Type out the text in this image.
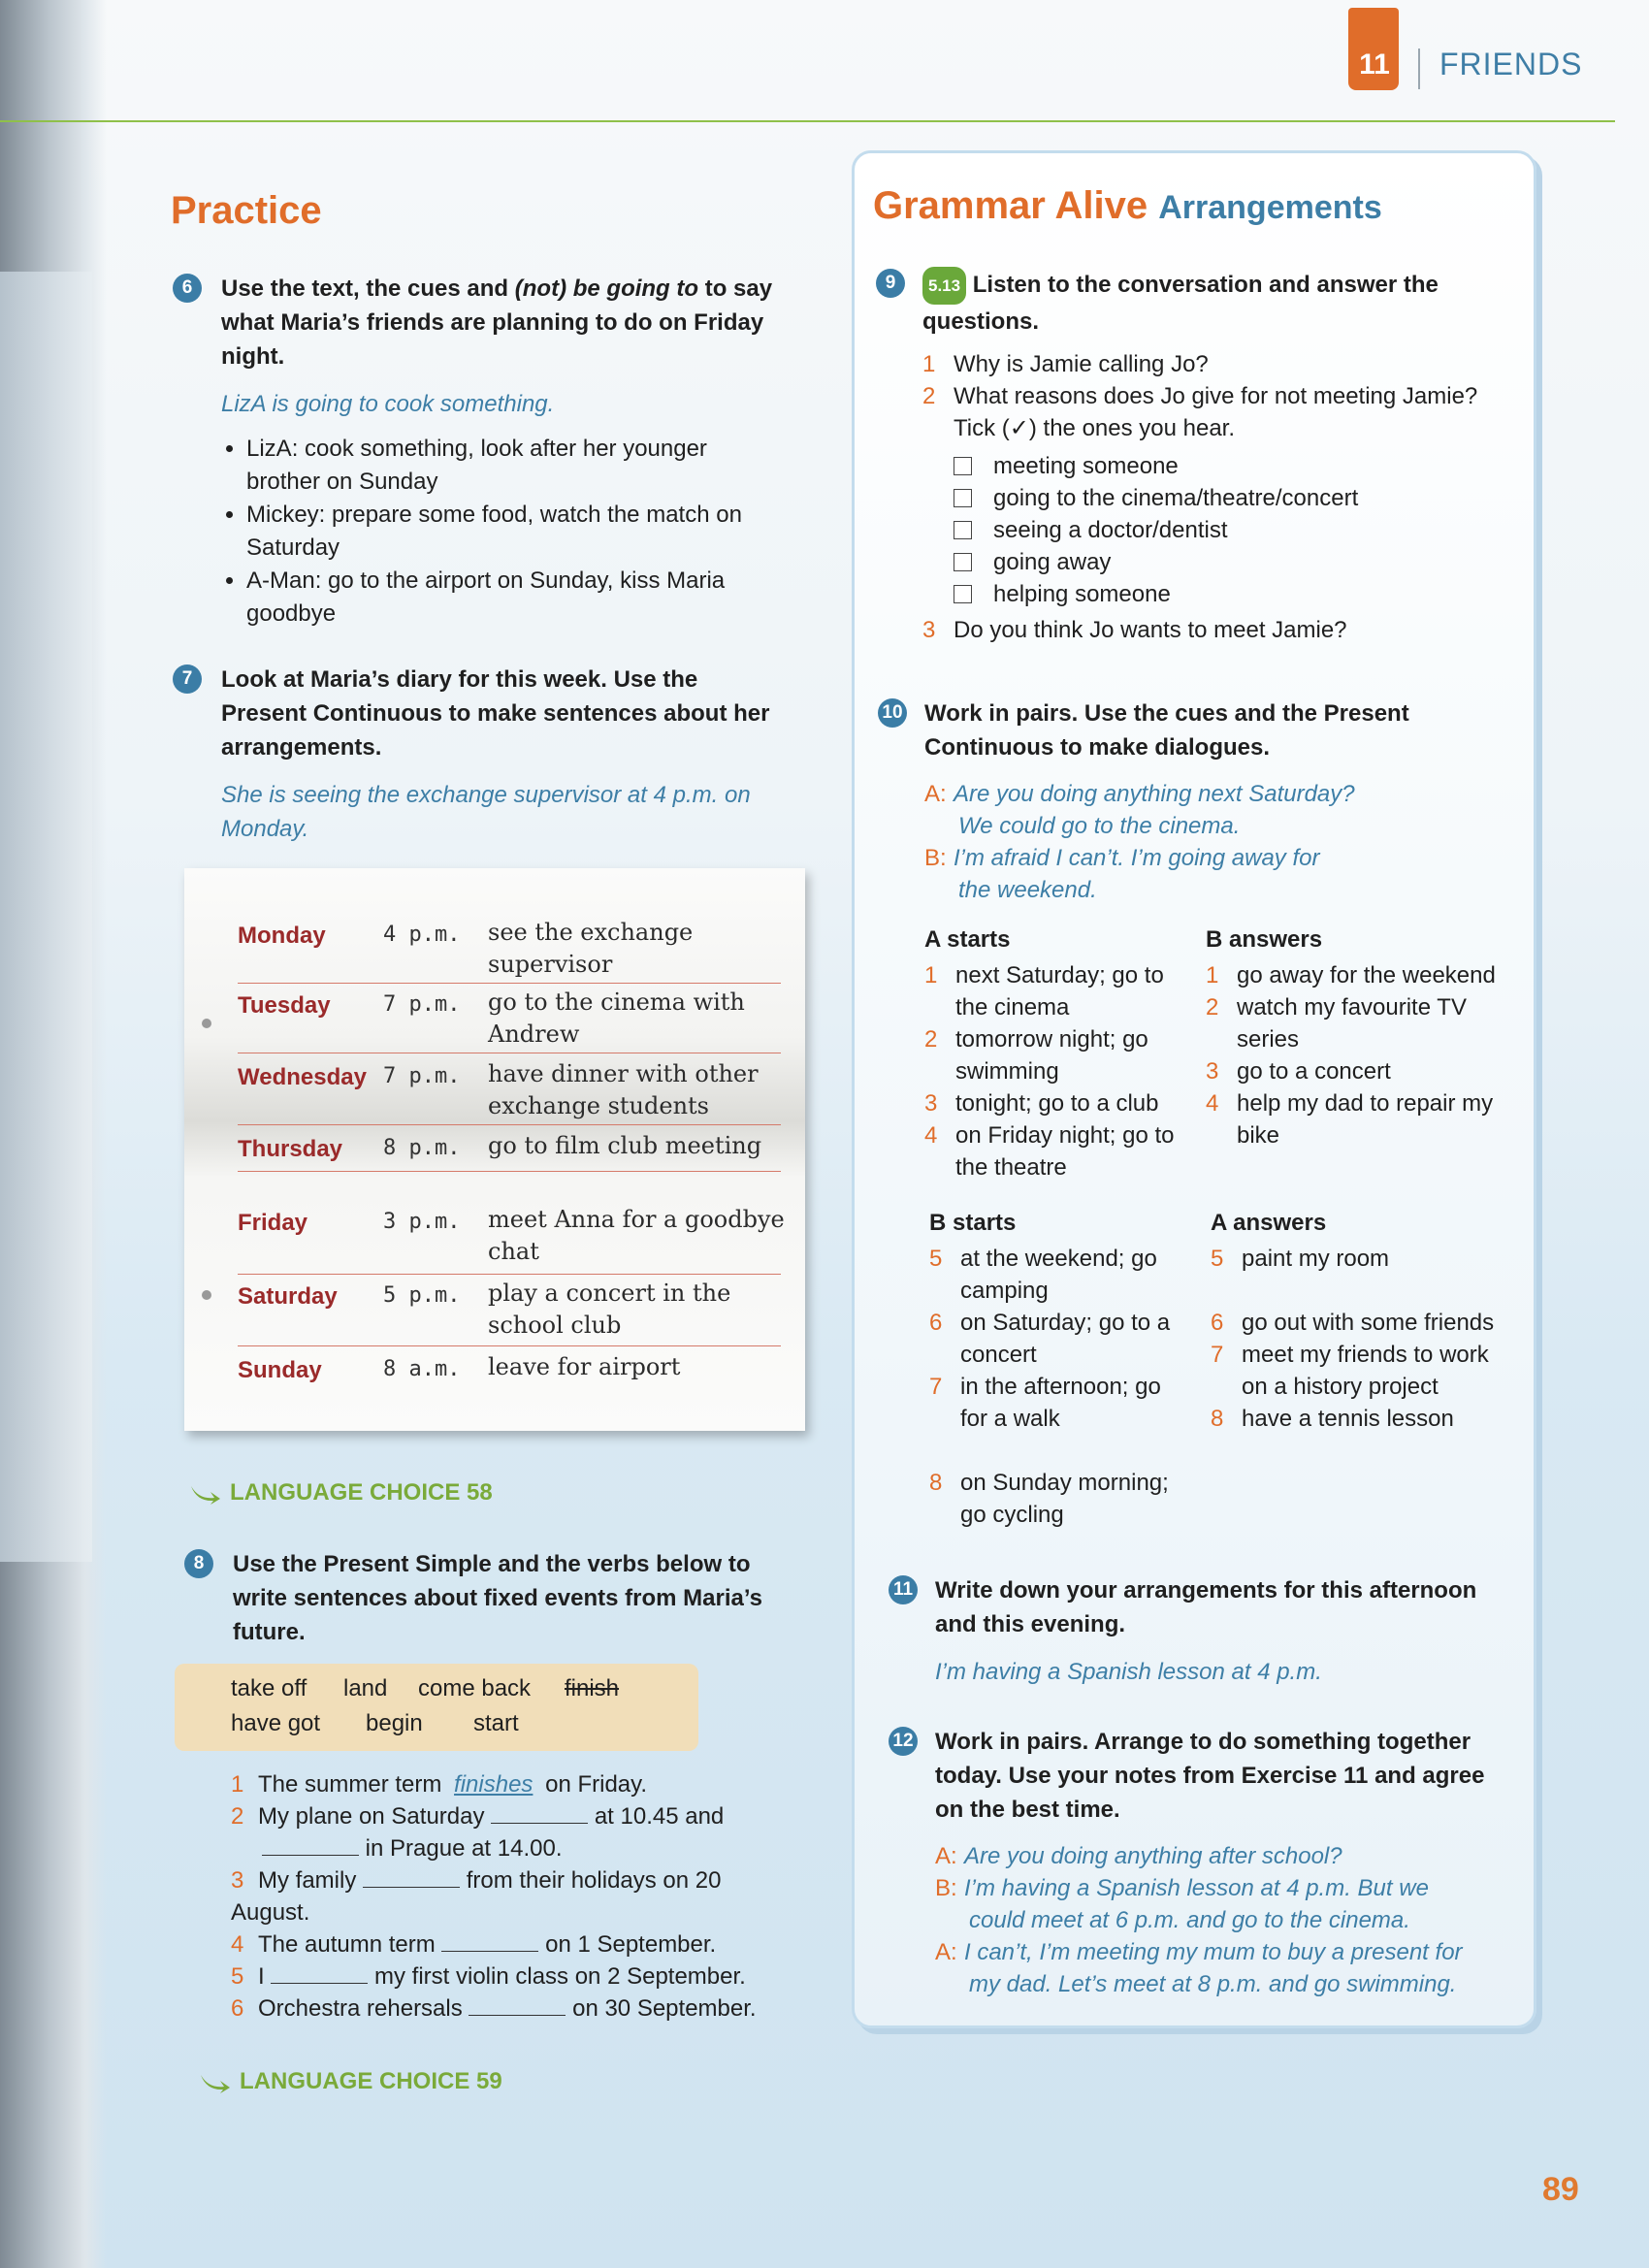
11 FRIENDS
Practice
6	Use the text, the cues and (not) be going to to say what Maria’s friends are planning to do on Friday night.
LizA is going to cook something.
• LizA: cook something, look after her younger brother on Sunday
• Mickey: prepare some food, watch the match on Saturday
• A-Man: go to the airport on Sunday, kiss Maria goodbye
7	Look at Maria’s diary for this week. Use the Present Continuous to make sentences about her arrangements.
She is seeing the exchange supervisor at 4 p.m. on Monday.
Monday	4 p.m. see the exchange supervisor
Tuesday 7 p.m. go to the cinema with Andrew
Wednesday 7 p.m. have dinner with other exchange students
Thursday 8 p.m. go to film club meeting
Friday	3 p.m. meet Anna for a goodbye chat
Saturday 5 p.m. play a concert in the school club
Sunday	8 a.m. leave for airport
LANGUAGE CHOICE 58
8	Use the Present Simple and the verbs below to write sentences about fixed events from Maria’s future.
take off land come back finish
have got begin start
1 The summer term finishes on Friday.
2 My plane on Saturday	at 10.45 and
in Prague at 14.00.
3 My family	from their holidays on 20 August.
4 The autumn term	on 1 September.
5 I	my first violin class on 2 September.
6 Orchestra rehersals	on 30 September.
LANGUAGE CHOICE 59
Grammar Alive Arrangements
9	5.13 Listen to the conversation and answer the questions.
1 Why is Jamie calling Jo?
2 What reasons does Jo give for not meeting Jamie? Tick (✓) the ones you hear.
meeting someone
going to the cinema/theatre/concert
seeing a doctor/dentist
going away
helping someone
3 Do you think Jo wants to meet Jamie?
10 Work in pairs. Use the cues and the Present Continuous to make dialogues.
A: Are you doing anything next Saturday?
We could go to the cinema.
B: I’m afraid I can’t. I’m going away for
the weekend.
A starts
1 next Saturday; go to the cinema
2 tomorrow night; go swimming
3 tonight; go to a club
4 on Friday night; go to the theatre
B answers
1 go away for the weekend
2 watch my favourite TV series
3 go to a concert
4 help my dad to repair my bike
B starts
5 at the weekend; go camping
6 on Saturday; go to a concert
7 in the afternoon; go for a walk
8 on Sunday morning; go cycling
A answers
5 paint my room
6 go out with some friends
7 meet my friends to work on a history project
8 have a tennis lesson
11 Write down your arrangements for this afternoon and this evening.
I’m having a Spanish lesson at 4 p.m.
12 Work in pairs. Arrange to do something together today. Use your notes from Exercise 11 and agree on the best time.
A: Are you doing anything after school?
B: I’m having a Spanish lesson at 4 p.m. But we
could meet at 6 p.m. and go to the cinema.
A: I can’t, I’m meeting my mum to buy a present for
my dad. Let’s meet at 8 p.m. and go swimming.
89
